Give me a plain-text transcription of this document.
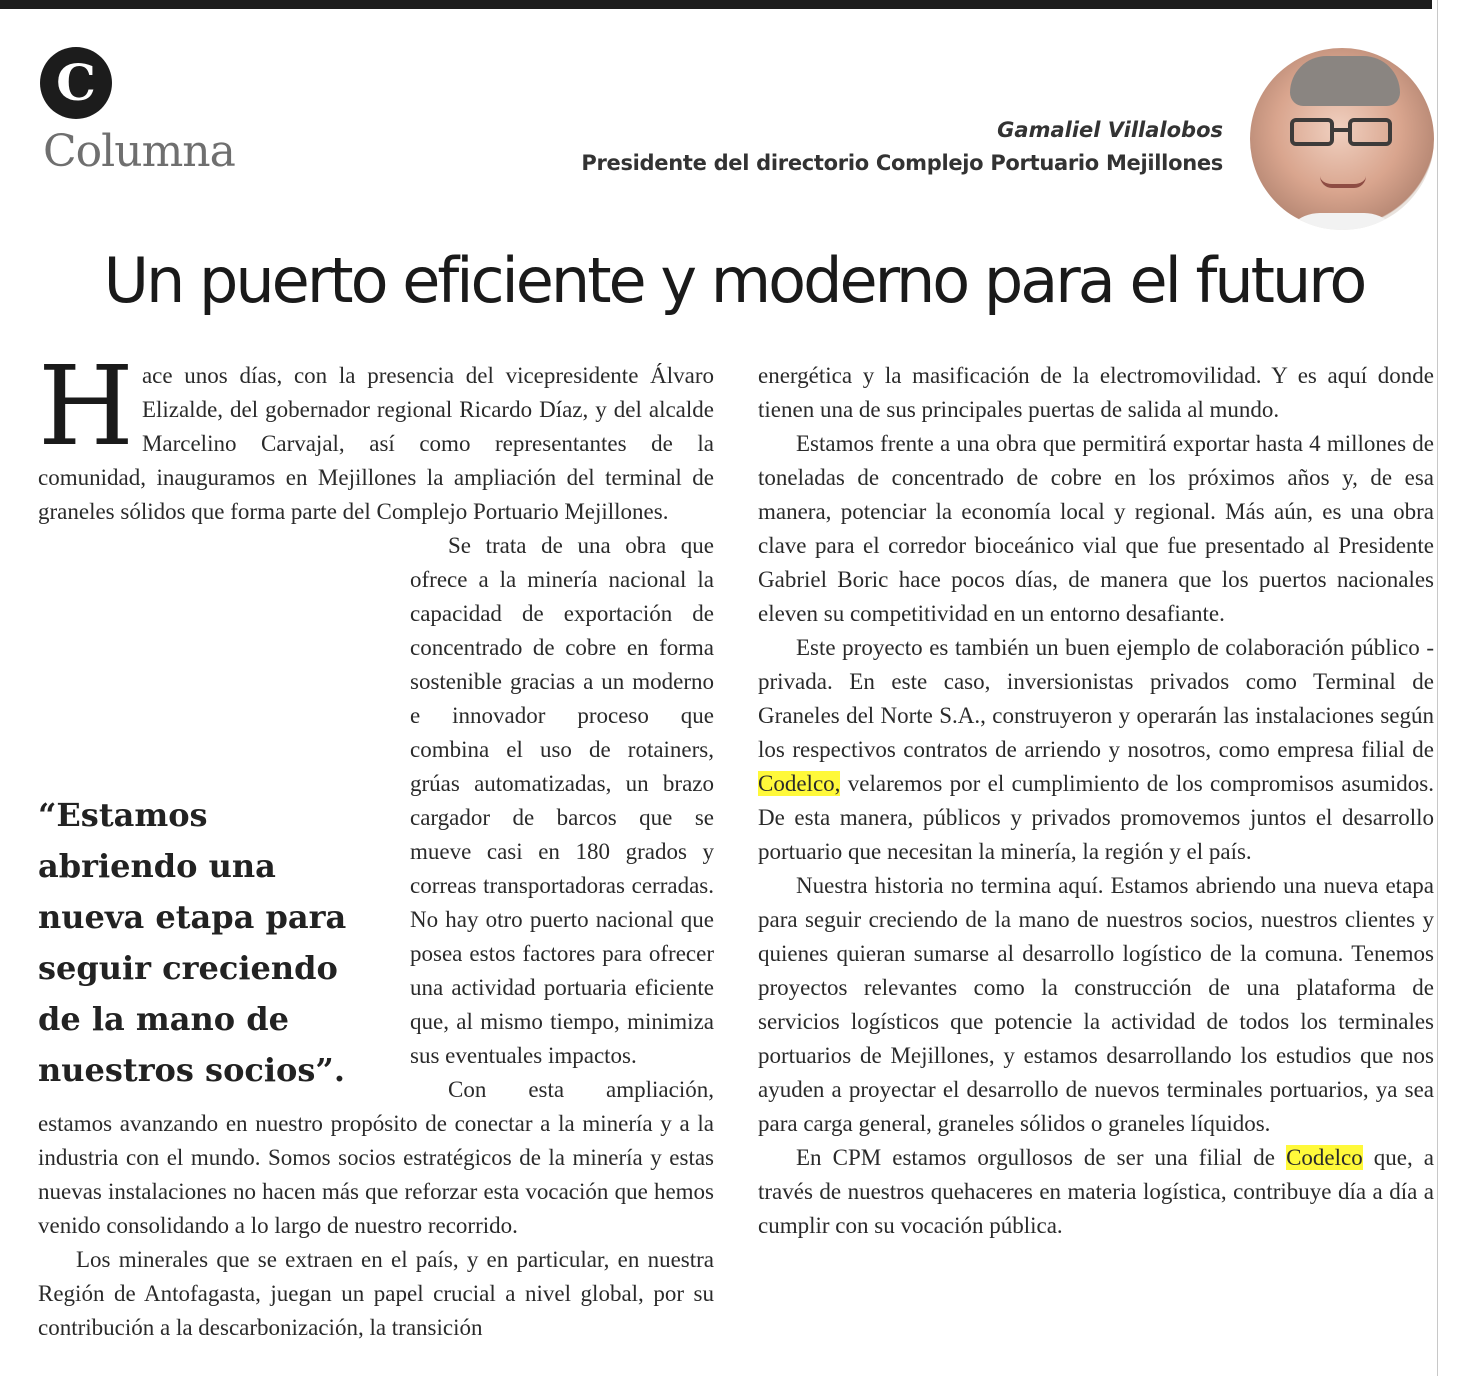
C
Columna	Gamaliel Villalobos
Presidente del directorio Complejo Portuario Mejillones
Un puerto eficiente y moderno para el futuro

Hace unos días, con la presencia del vicepresidente Álvaro Elizalde, del gobernador regional Ricardo Díaz, y del alcalde Marcelino Carvajal, así como representantes de la comunidad, inauguramos en Mejillones la ampliación del terminal de graneles sólidos que forma parte del Complejo Portuario Mejillones.

Se trata de una obra que ofrece a la minería nacional la capacidad de exportación de concentrado de cobre en forma sostenible gracias a un moderno e innovador proceso que combina el uso de rotainers, grúas automatizadas, un brazo cargador de barcos que se mueve casi en 180 grados y correas transportadoras cerradas. No hay otro puerto nacional que posea estos factores para ofrecer una actividad portuaria eficiente que, al mismo tiempo, minimiza sus eventuales impactos.

Con esta ampliación, estamos avanzando en nuestro propósito de conectar a la minería y a la industria con el mundo. Somos socios estratégicos de la minería y estas nuevas instalaciones no hacen más que reforzar esta vocación que hemos venido consolidando a lo largo de nuestro recorrido.

Los minerales que se extraen en el país, y en particular, en nuestra Región de Antofagasta, juegan un papel crucial a nivel global, por su contribución a la descarbonización, la transición

energética y la masificación de la electromovilidad. Y es aquí donde tienen una de sus principales puertas de salida al mundo.

Estamos frente a una obra que permitirá exportar hasta 4 millones de toneladas de concentrado de cobre en los próximos años y, de esa manera, potenciar la economía local y regional. Más aún, es una obra clave para el corredor bioceánico vial que fue presentado al Presidente Gabriel Boric hace pocos días, de manera que los puertos nacionales eleven su competitividad en un entorno desafiante.

Este proyecto es también un buen ejemplo de colaboración público - privada. En este caso, inversionistas privados como Terminal de Graneles del Norte S.A., construyeron y operarán las instalaciones según los respectivos contratos de arriendo y nosotros, como empresa filial de Codelco, velaremos por el cumplimiento de los compromisos asumidos. De esta manera, públicos y privados promovemos juntos el desarrollo portuario que necesitan la minería, la región y el país.

Nuestra historia no termina aquí. Estamos abriendo una nueva etapa para seguir creciendo de la mano de nuestros socios, nuestros clientes y quienes quieran sumarse al desarrollo logístico de la comuna. Tenemos proyectos relevantes como la construcción de una plataforma de servicios logísticos que potencie la actividad de todos los terminales portuarios de Mejillones, y estamos desarrollando los estudios que nos ayuden a proyectar el desarrollo de nuevos terminales portuarios, ya sea para carga general, graneles sólidos o graneles líquidos.

En CPM estamos orgullosos de ser una filial de Codelco que, a través de nuestros quehaceres en materia logística, contribuye día a día a cumplir con su vocación pública.

“Estamos abriendo una nueva etapa para seguir creciendo de la mano de nuestros socios”.
